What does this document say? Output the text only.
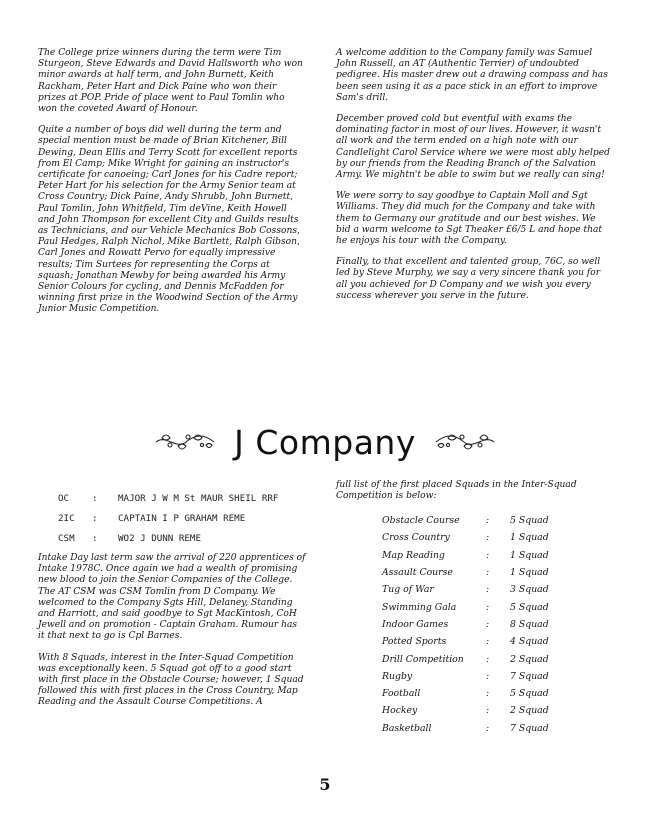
The College prize winners during the term were Tim Sturgeon, Steve Edwards and David Hallsworth who won minor awards at half term, and John Burnett, Keith Rackham, Peter Hart and Dick Paine who won their prizes at POP. Pride of place went to Paul Tomlin who won the coveted Award of Honour.

Quite a number of boys did well during the term and special mention must be made of Brian Kitchener, Bill Dewing, Dean Ellis and Terry Scott for excellent reports from El Camp; Mike Wright for gaining an instructor's certificate for canoeing; Carl Jones for his Cadre report; Peter Hart for his selection for the Army Senior team at Cross Country; Dick Paine, Andy Shrubb, John Burnett, Paul Tomlin, John Whitfield, Tim deVine, Keith Howell and John Thompson for excellent City and Guilds results as Technicians, and our Vehicle Mechanics Bob Cossons, Paul Hedges, Ralph Nichol, Mike Bartlett, Ralph Gibson, Carl Jones and Rowatt Pervo for equally impressive results; Tim Surtees for representing the Corps at squash; Jonathan Mewby for being awarded his Army Senior Colours for cycling, and Dennis McFadden for winning first prize in the Woodwind Section of the Army Junior Music Competition.

A welcome addition to the Company family was Samuel John Russell, an AT (Authentic Terrier) of undoubted pedigree. His master drew out a drawing compass and has been seen using it as a pace stick in an effort to improve Sam's drill.

December proved cold but eventful with exams the dominating factor in most of our lives. However, it wasn't all work and the term ended on a high note with our Candlelight Carol Service where we were most ably helped by our friends from the Reading Branch of the Salvation Army. We mightn't be able to swim but we really can sing!

We were sorry to say goodbye to Captain Moll and Sgt Williams. They did much for the Company and take with them to Germany our gratitude and our best wishes. We bid a warm welcome to Sgt Theaker £6/5 L and hope that he enjoys his tour with the Company.

Finally, to that excellent and talented group, 76C, so well led by Steve Murphy, we say a very sincere thank you for all you achieved for D Company and we wish you every success wherever you serve in the future.

J Company
OC	:	MAJOR J W M St MAUR SHEIL RRF
2IC	:	CAPTAIN I P GRAHAM REME
CSM	:	WO2 J DUNN REME

Intake Day last term saw the arrival of 220 apprentices of Intake 1978C. Once again we had a wealth of promising new blood to join the Senior Companies of the College. The AT CSM was CSM Tomlin from D Company. We welcomed to the Company Sgts Hill, Delaney, Standing and Harriott, and said goodbye to Sgt MacKintosh, CoH Jewell and on promotion - Captain Graham. Rumour has it that next to go is Cpl Barnes.

With 8 Squads, interest in the Inter-Squad Competition was exceptionally keen. 5 Squad got off to a good start with first place in the Obstacle Course; however, 1 Squad followed this with first places in the Cross Country, Map Reading and the Assault Course Competitions. A

full list of the first placed Squads in the Inter-Squad Competition is below:

Obstacle Course	:	5 Squad
Cross Country	:	1 Squad
Map Reading	:	1 Squad
Assault Course	:	1 Squad
Tug of War	:	3 Squad
Swimming Gala	:	5 Squad
Indoor Games	:	8 Squad
Potted Sports	:	4 Squad
Drill Competition	:	2 Squad
Rugby	:	7 Squad
Football	:	5 Squad
Hockey	:	2 Squad
Basketball	:	7 Squad
5
